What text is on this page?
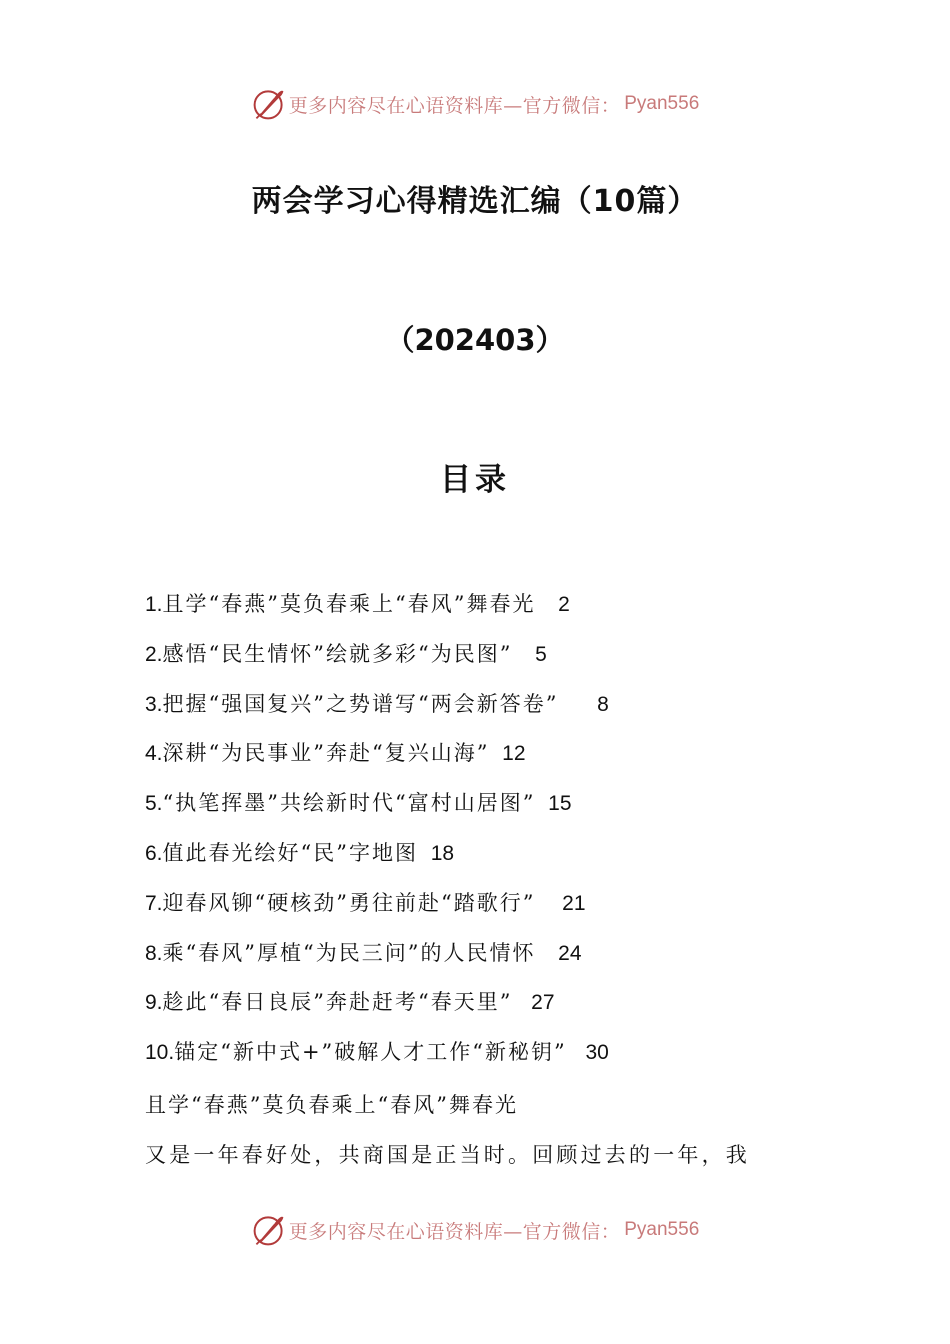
更多内容尽在心语资料库—官方微信： Pyan556
两会学习心得精选汇编（10篇）
（202403）
目录
1.且学“春燕”莫负春乘上“春风”舞春光 2
2.感悟“民生情怀”绘就多彩“为民图” 5
3.把握“强国复兴”之势谱写“两会新答卷” 8
4.深耕“为民事业”奔赴“复兴山海” 12
5.“执笔挥墨”共绘新时代“富村山居图” 15
6.值此春光绘好“民”字地图 18
7.迎春风铆“硬核劲”勇往前赴“踏歌行” 21
8.乘“春风”厚植“为民三问”的人民情怀 24
9.趁此“春日良辰”奔赴赶考“春天里” 27
10.锚定“新中式+”破解人才工作“新秘钥” 30
且学“春燕”莫负春乘上“春风”舞春光
又是一年春好处，共商国是正当时。回顾过去的一年，我
更多内容尽在心语资料库—官方微信： Pyan556
